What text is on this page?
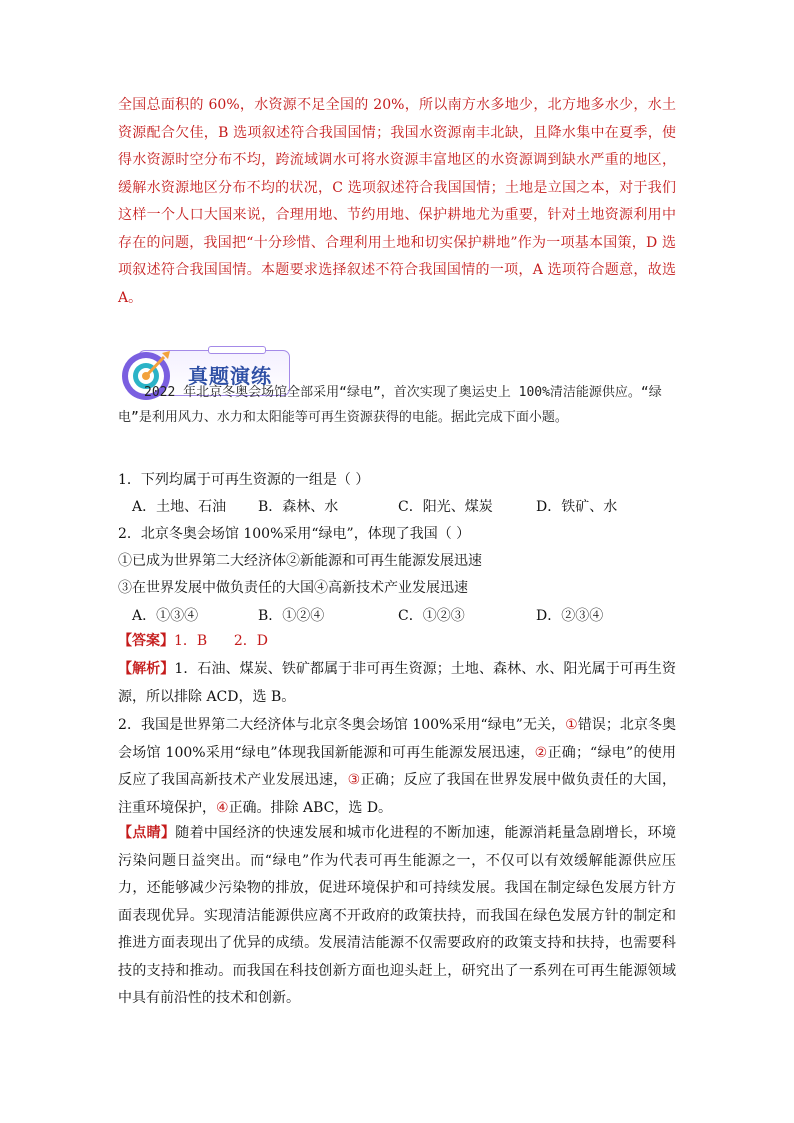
全国总面积的 60%，水资源不足全国的 20%，所以南方水多地少，北方地多水少，水土资源配合欠佳，B 选项叙述符合我国国情；我国水资源南丰北缺，且降水集中在夏季，使得水资源时空分布不均，跨流域调水可将水资源丰富地区的水资源调到缺水严重的地区，缓解水资源地区分布不均的状况，C 选项叙述符合我国国情；土地是立国之本，对于我们这样一个人口大国来说，合理用地、节约用地、保护耕地尤为重要，针对土地资源利用中存在的问题，我国把“十分珍惜、合理利用土地和切实保护耕地”作为一项基本国策，D 选项叙述符合我国国情。本题要求选择叙述不符合我国国情的一项，A 选项符合题意，故选 A。
真题演练
2022 年北京冬奥会场馆全部采用“绿电”，首次实现了奥运史上 100%清洁能源供应。“绿电”是利用风力、水力和太阳能等可再生资源获得的电能。据此完成下面小题。
1．下列均属于可再生资源的一组是（ ）
A．土地、石油 B．森林、水	C．阳光、煤炭	D．铁矿、水
2．北京冬奥会场馆 100%采用“绿电”，体现了我国（ ）
①已成为世界第二大经济体②新能源和可再生能源发展迅速
③在世界发展中做负责任的大国④高新技术产业发展迅速
A．①③④	B．①②④	C．①②③	D．②③④
【答案】1．B      2．D
【解析】1．石油、煤炭、铁矿都属于非可再生资源；土地、森林、水、阳光属于可再生资源，所以排除 ACD，选 B。
2．我国是世界第二大经济体与北京冬奥会场馆 100%采用“绿电”无关，①错误；北京冬奥会场馆 100%采用“绿电”体现我国新能源和可再生能源发展迅速，②正确；“绿电”的使用反应了我国高新技术产业发展迅速，③正确；反应了我国在世界发展中做负责任的大国，注重环境保护，④正确。排除 ABC，选 D。
【点睛】随着中国经济的快速发展和城市化进程的不断加速，能源消耗量急剧增长，环境污染问题日益突出。而“绿电”作为代表可再生能源之一，不仅可以有效缓解能源供应压力，还能够减少污染物的排放，促进环境保护和可持续发展。我国在制定绿色发展方针方面表现优异。实现清洁能源供应离不开政府的政策扶持，而我国在绿色发展方针的制定和推进方面表现出了优异的成绩。发展清洁能源不仅需要政府的政策支持和扶持，也需要科技的支持和推动。而我国在科技创新方面也迎头赶上，研究出了一系列在可再生能源领域中具有前沿性的技术和创新。
